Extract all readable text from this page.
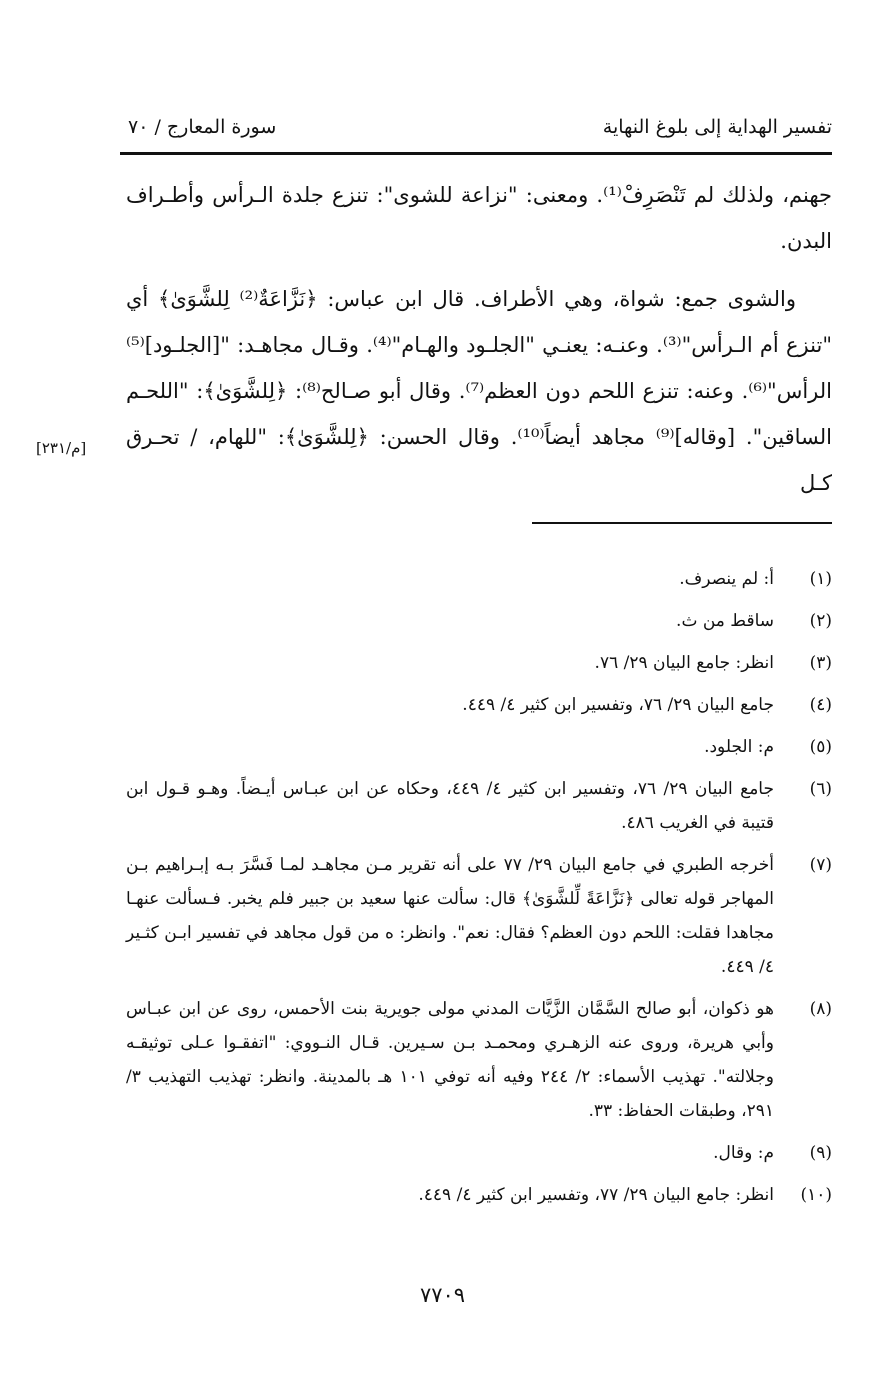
تفسير الهداية إلى بلوغ النهاية
سورة المعارج / ٧٠

جهنم، ولذلك لم تَنْصَرِفْ⁽¹⁾. ومعنى: "نزاعة للشوى": تنزع جلدة الـرأس وأطـراف البدن.

والشوى جمع: شواة، وهي الأطراف. قال ابن عباس: ﴿نَزَّاعَةٌ⁽²⁾ لِلشَّوَىٰ﴾ أي "تنزع أم الـرأس"⁽³⁾. وعنـه: يعنـي "الجلـود والهـام"⁽⁴⁾. وقـال مجاهـد: "[الجلـود]⁽⁵⁾ الرأس"⁽⁶⁾. وعنه: تنزع اللحم دون العظم⁽⁷⁾. وقال أبو صـالح⁽⁸⁾: ﴿لِلشَّوَىٰ﴾: "اللحـم الساقين". [وقاله]⁽⁹⁾ مجاهد أيضاً⁽¹⁰⁾. وقال الحسن: ﴿لِلشَّوَىٰ﴾: "للهام، / تحـرق كـل

[م/٢٣١]
(١)
أ: لم ينصرف.
(٢)
ساقط من ث.
(٣)
انظر: جامع البيان ٢٩/ ٧٦.
(٤)
جامع البيان ٢٩/ ٧٦، وتفسير ابن كثير ٤/ ٤٤٩.
(٥)
م: الجلود.
(٦)
جامع البيان ٢٩/ ٧٦، وتفسير ابن كثير ٤/ ٤٤٩، وحكاه عن ابن عبـاس أيـضاً. وهـو قـول ابن قتيبة في الغريب ٤٨٦.
(٧)
أخرجه الطبري في جامع البيان ٢٩/ ٧٧ على أنه تقرير مـن مجاهـد لمـا فَسَّرَ بـه إبـراهيم بـن المهاجر قوله تعالى ﴿نَزَّاعَةً لِّلشَّوَىٰ﴾ قال: سألت عنها سعيد بن جبير فلم يخبر. فـسألت عنهـا مجاهدا فقلت: اللحم دون العظم؟ فقال: نعم". وانظر: ه من قول مجاهد في تفسير ابـن كثـير ٤/ ٤٤٩.
(٨)
هو ذكوان، أبو صالح السَّمَّان الزَّيَّات المدني مولى جويرية بنت الأحمس، روى عن ابن عبـاس وأبي هريرة، وروى عنه الزهـري ومحمـد بـن سـيرين. قـال النـووي: "اتفقـوا عـلى توثيقـه وجلالته". تهذيب الأسماء: ٢/ ٢٤٤ وفيه أنه توفي ١٠١ هـ بالمدينة. وانظر: تهذيب التهذيب ٣/ ٢٩١، وطبقات الحفاظ: ٣٣.
(٩)
م: وقال.
(١٠)
انظر: جامع البيان ٢٩/ ٧٧، وتفسير ابن كثير ٤/ ٤٤٩.
٧٧٠٩
